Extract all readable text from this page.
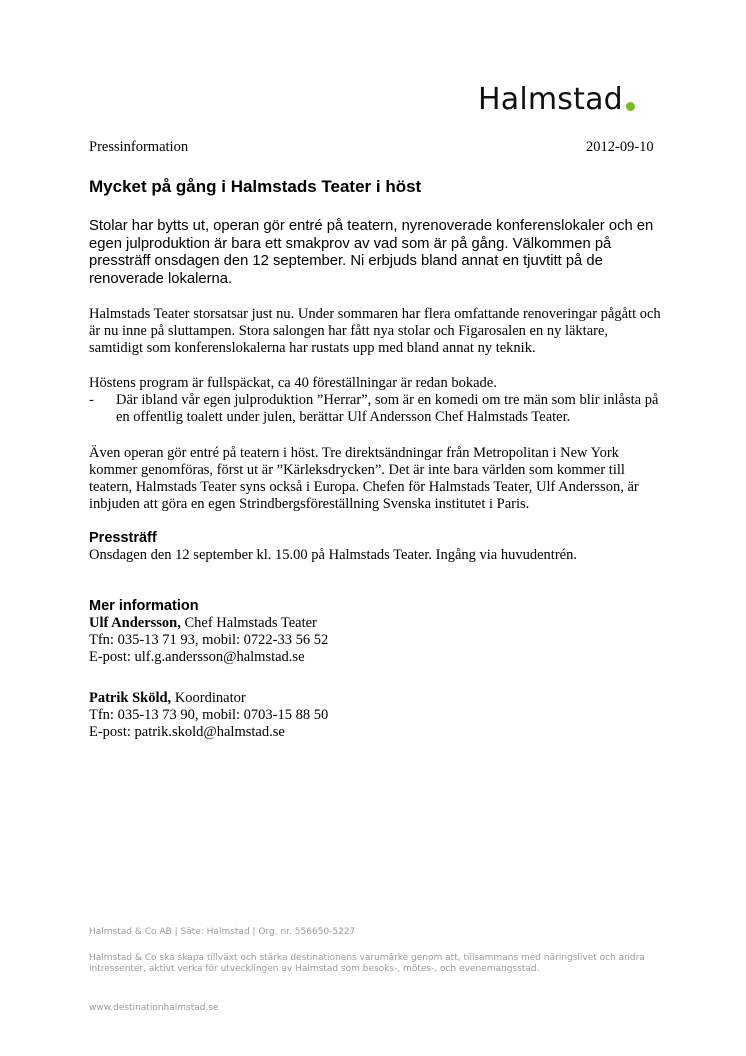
Halmstad
Pressinformation	2012-09-10
Mycket på gång i Halmstads Teater i höst
Stolar har bytts ut, operan gör entré på teatern, nyrenoverade konferenslokaler och en egen julproduktion är bara ett smakprov av vad som är på gång. Välkommen på pressträff onsdagen den 12 september. Ni erbjuds bland annat en tjuvtitt på de renoverade lokalerna.
Halmstads Teater storsatsar just nu. Under sommaren har flera omfattande renoveringar pågått och är nu inne på sluttampen. Stora salongen har fått nya stolar och Figarosalen en ny läktare, samtidigt som konferenslokalerna har rustats upp med bland annat ny teknik.
Höstens program är fullspäckat, ca 40 föreställningar är redan bokade.
-	Där ibland vår egen julproduktion ”Herrar”, som är en komedi om tre män som blir inlåsta på en offentlig toalett under julen, berättar Ulf Andersson Chef Halmstads Teater.
Även operan gör entré på teatern i höst. Tre direktsändningar från Metropolitan i New York kommer genomföras, först ut är ”Kärleksdrycken”. Det är inte bara världen som kommer till teatern, Halmstads Teater syns också i Europa. Chefen för Halmstads Teater, Ulf Andersson, är inbjuden att göra en egen Strindbergsföreställning Svenska institutet i Paris.
Pressträff
Onsdagen den 12 september kl. 15.00 på Halmstads Teater. Ingång via huvudentrén.
Mer information
Ulf Andersson, Chef Halmstads Teater
Tfn: 035-13 71 93, mobil: 0722-33 56 52
E-post: ulf.g.andersson@halmstad.se
Patrik Sköld, Koordinator
Tfn: 035-13 73 90, mobil: 0703-15 88 50
E-post: patrik.skold@halmstad.se
Halmstad & Co AB | Säte: Halmstad | Org. nr. 556650-5227
Halmstad & Co ska skapa tillväxt och stärka destinationens varumärke genom att, tillsammans med näringslivet och andra intressenter, aktivt verka för utvecklingen av Halmstad som besoks-, mötes-, och evenemangsstad.
www.destinationhalmstad.se
